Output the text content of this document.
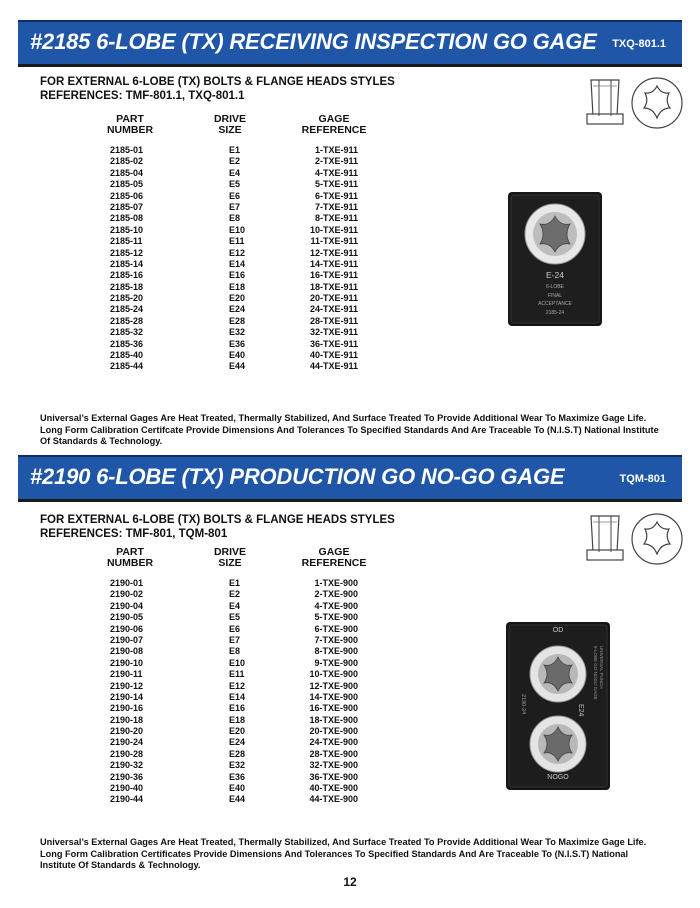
#2185 6-LOBE (TX) RECEIVING INSPECTION GO GAGE TXQ-801.1
FOR EXTERNAL 6-LOBE (TX) BOLTS & FLANGE HEADS STYLES
REFERENCES: TMF-801.1, TXQ-801.1
PART
NUMBER
DRIVE
SIZE
GAGE
REFERENCE
2185-01	E1	1-TXE-911
2185-02	E2	2-TXE-911
2185-04	E4	4-TXE-911
2185-05	E5	5-TXE-911
2185-06	E6	6-TXE-911
2185-07	E7	7-TXE-911
2185-08	E8	8-TXE-911
2185-10	E10	10-TXE-911
2185-11	E11	11-TXE-911
2185-12	E12	12-TXE-911
2185-14	E14	14-TXE-911
2185-16	E16	16-TXE-911
2185-18	E18	18-TXE-911
2185-20	E20	20-TXE-911
2185-24	E24	24-TXE-911
2185-28	E28	28-TXE-911
2185-32	E32	32-TXE-911
2185-36	E36	36-TXE-911
2185-40	E40	40-TXE-911
2185-44	E44	44-TXE-911
E-24
6-LOBE
FINAL
ACCEPTANCE
2185-24
Universal’s External Gages Are Heat Treated, Thermally Stabilized, And Surface Treated To Provide Additional Wear To Maximize Gage Life. Long Form Calibration Certifcate Provide Dimensions And Tolerances To Specified Standards And Are Traceable To (N.I.S.T) National Institute Of Standards & Technology.
#2190 6-LOBE (TX) PRODUCTION GO NO-GO GAGE	TQM-801
FOR EXTERNAL 6-LOBE (TX) BOLTS & FLANGE HEADS STYLES
REFERENCES: TMF-801, TQM-801
PART
NUMBER
DRIVE
SIZE
GAGE
REFERENCE
2190-01	E1	1-TXE-900
2190-02	E2	2-TXE-900
2190-04	E4	4-TXE-900
2190-05	E5	5-TXE-900
2190-06	E6	6-TXE-900
2190-07	E7	7-TXE-900
2190-08	E8	8-TXE-900
2190-10	E10	9-TXE-900
2190-11	E11	10-TXE-900
2190-12	E12	12-TXE-900
2190-14	E14	14-TXE-900
2190-16	E16	16-TXE-900
2190-18	E18	18-TXE-900
2190-20	E20	20-TXE-900
2190-24	E24	24-TXE-900
2190-28	E28	28-TXE-900
2190-32	E32	32-TXE-900
2190-36	E36	36-TXE-900
2190-40	E40	40-TXE-900
2190-44	E44	44-TXE-900
OD
NOGO
E24
2190-24
UNIVERSAL PUNCH
6-LOBE GO-NOGO GAGE
Universal’s External Gages Are Heat Treated, Thermally Stabilized, And Surface Treated To Provide Additional Wear To Maximize Gage Life. Long Form Calibration Certificates Provide Dimensions And Tolerances To Specified Standards And Are Traceable To (N.I.S.T) National Institute Of Standards & Technology.
12
